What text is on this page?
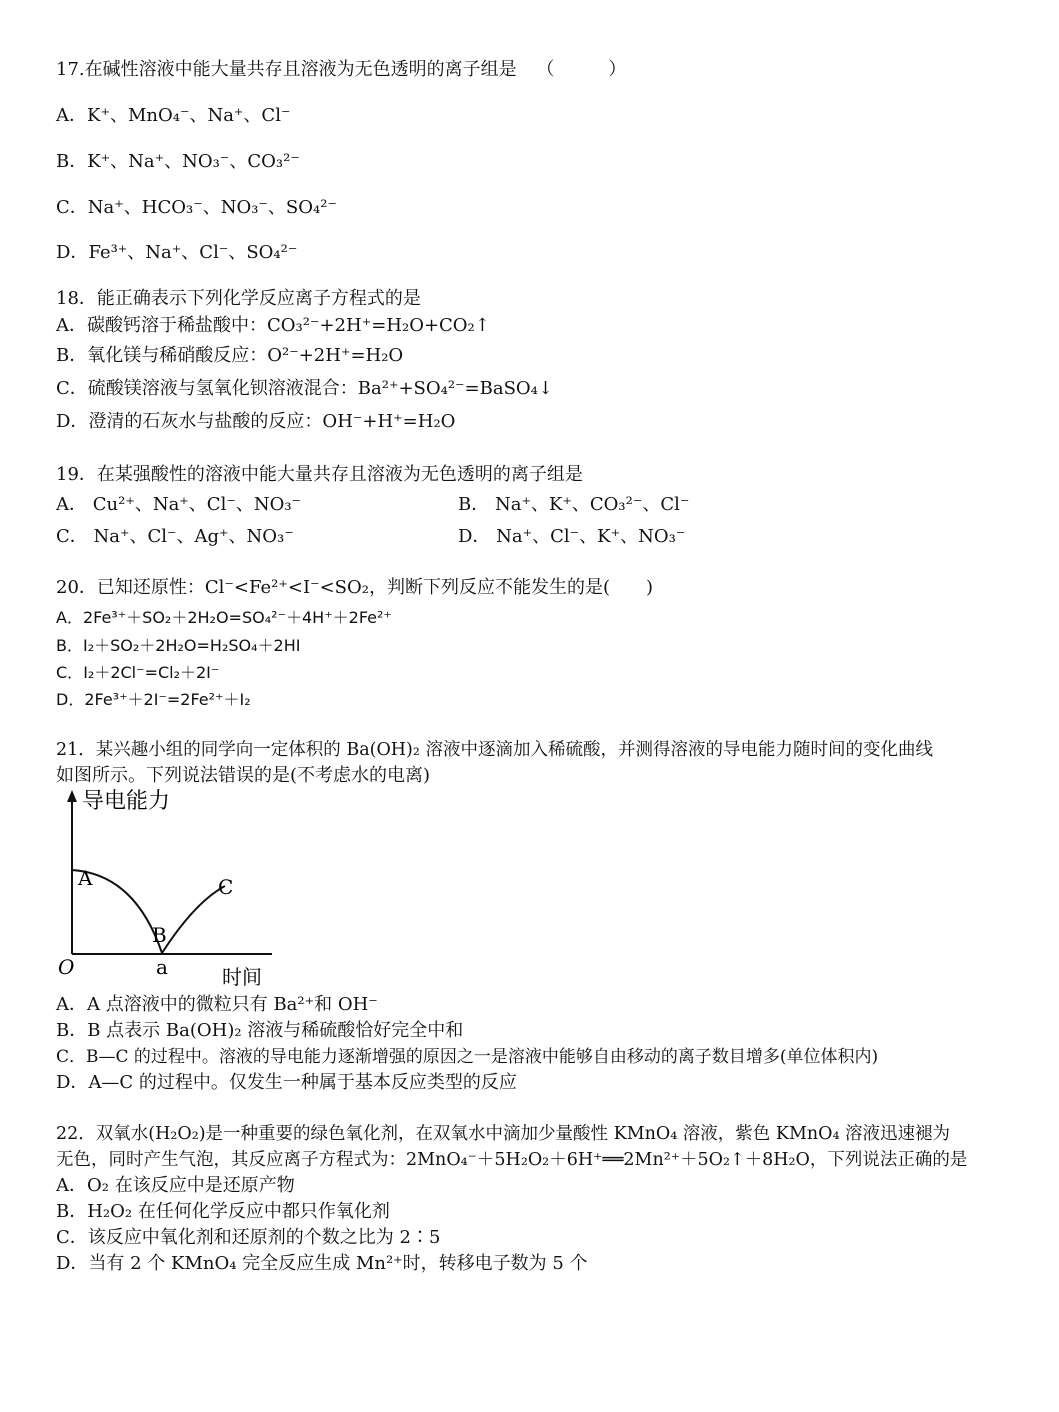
17.在碱性溶液中能大量共存且溶液为无色透明的离子组是 （　　　）
A．K⁺、MnO₄⁻、Na⁺、Cl⁻
B．K⁺、Na⁺、NO₃⁻、CO₃²⁻
C．Na⁺、HCO₃⁻、NO₃⁻、SO₄²⁻
D．Fe³⁺、Na⁺、Cl⁻、SO₄²⁻
18．能正确表示下列化学反应离子方程式的是
A．碳酸钙溶于稀盐酸中：CO₃²⁻+2H⁺=H₂O+CO₂↑
B．氧化镁与稀硝酸反应：O²⁻+2H⁺=H₂O
C．硫酸镁溶液与氢氧化钡溶液混合：Ba²⁺+SO₄²⁻=BaSO₄↓
D．澄清的石灰水与盐酸的反应：OH⁻+H⁺=H₂O
19．在某强酸性的溶液中能大量共存且溶液为无色透明的离子组是
A． Cu²⁺、Na⁺、Cl⁻、NO₃⁻	B． Na⁺、K⁺、CO₃²⁻、Cl⁻
C． Na⁺、Cl⁻、Ag⁺、NO₃⁻	D． Na⁺、Cl⁻、K⁺、NO₃⁻
20．已知还原性：Cl⁻<Fe²⁺<I⁻<SO₂，判断下列反应不能发生的是(　　)
A．2Fe³⁺＋SO₂＋2H₂O=SO₄²⁻＋4H⁺＋2Fe²⁺
B．I₂＋SO₂＋2H₂O=H₂SO₄＋2HI
C．I₂＋2Cl⁻=Cl₂＋2I⁻
D．2Fe³⁺＋2I⁻=2Fe²⁺＋I₂
21．某兴趣小组的同学向一定体积的 Ba(OH)₂ 溶液中逐滴加入稀硫酸，并测得溶液的导电能力随时间的变化曲线
如图所示。下列说法错误的是(不考虑水的电离)
导电能力
A
B
C
O	a	时间
A．A 点溶液中的微粒只有 Ba²⁺和 OH⁻
B．B 点表示 Ba(OH)₂ 溶液与稀硫酸恰好完全中和
C．B—C 的过程中。溶液的导电能力逐渐增强的原因之一是溶液中能够自由移动的离子数目增多(单位体积内)
D．A—C 的过程中。仅发生一种属于基本反应类型的反应
22．双氧水(H₂O₂)是一种重要的绿色氧化剂，在双氧水中滴加少量酸性 KMnO₄ 溶液，紫色 KMnO₄ 溶液迅速褪为
无色，同时产生气泡，其反应离子方程式为：2MnO₄⁻＋5H₂O₂＋6H⁺══2Mn²⁺＋5O₂↑＋8H₂O，下列说法正确的是
A．O₂ 在该反应中是还原产物
B．H₂O₂ 在任何化学反应中都只作氧化剂
C．该反应中氧化剂和还原剂的个数之比为 2∶5
D．当有 2 个 KMnO₄ 完全反应生成 Mn²⁺时，转移电子数为 5 个
